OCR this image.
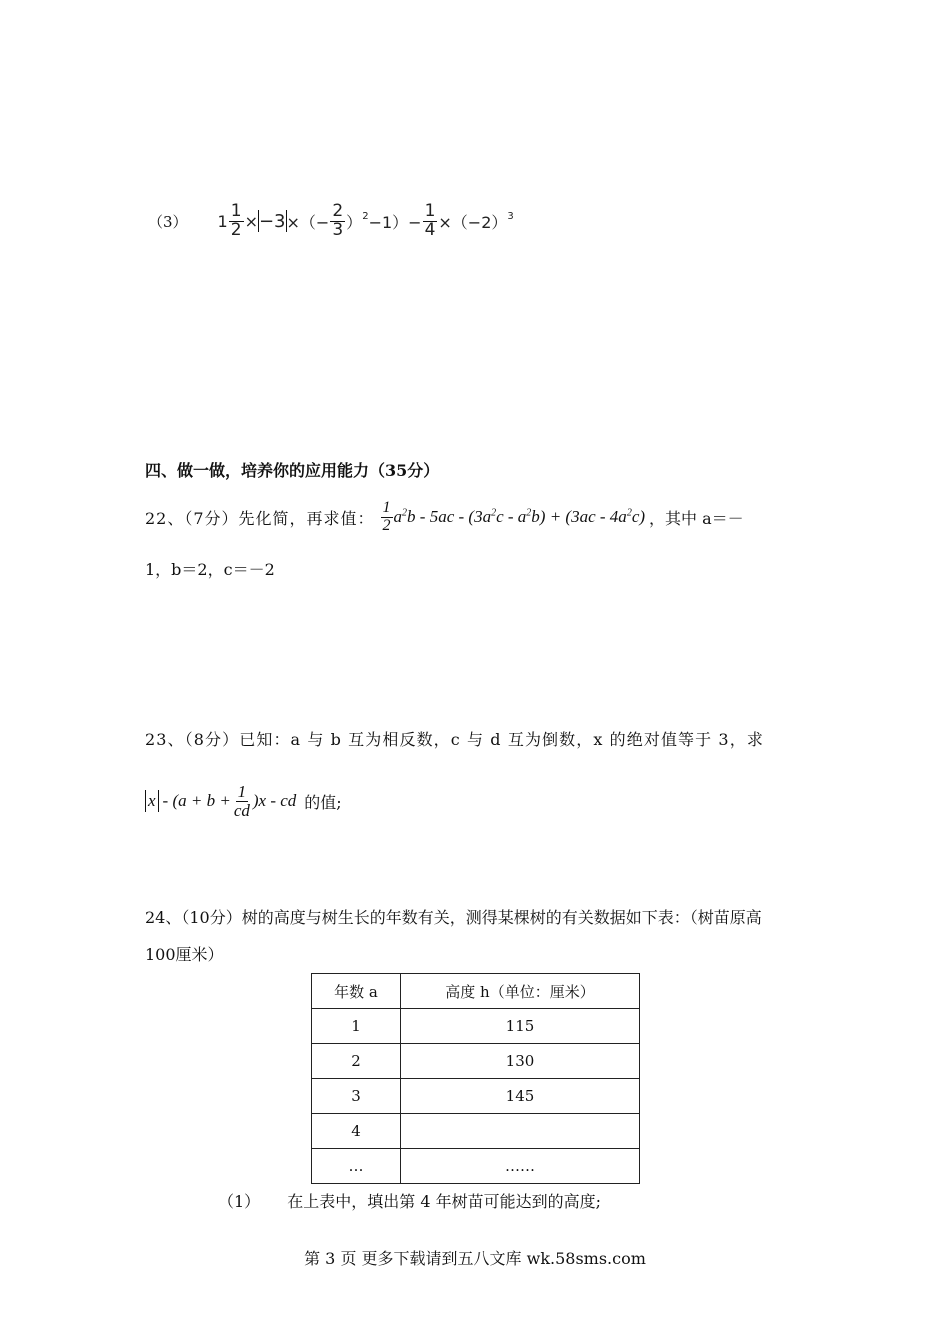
（3） $1 \frac{1}{2} \times -3$ ×（− $\frac{2}{3} )^2 -1)- \frac{1}{4} \times(-2)^3$
四、做一做，培养你的应用能力（35分）
22、（7分）先化简，再求值： $\frac{1}{2} a^2b - 5ac - (3a^2c - a^2b) + (3ac - 4a^2c)$ ，其中 a＝－
1，b＝2，c＝－2
23、（8分）已知：a 与 b 互为相反数，c 与 d 互为倒数，x 的绝对值等于 3，求
$x - (a + b + \frac{1}{cd} )x$ - cd 的值;
24、（10分）树的高度与树生长的年数有关，测得某棵树的有关数据如下表：（树苗原高
100厘米）
年数 a	高度 h（单位：厘米）
1	115
2	130
3	145
4	
…	……
（1） 在上表中，填出第 4 年树苗可能达到的高度;
第 3 页 更多下载请到五八文库 wk.58sms.com
